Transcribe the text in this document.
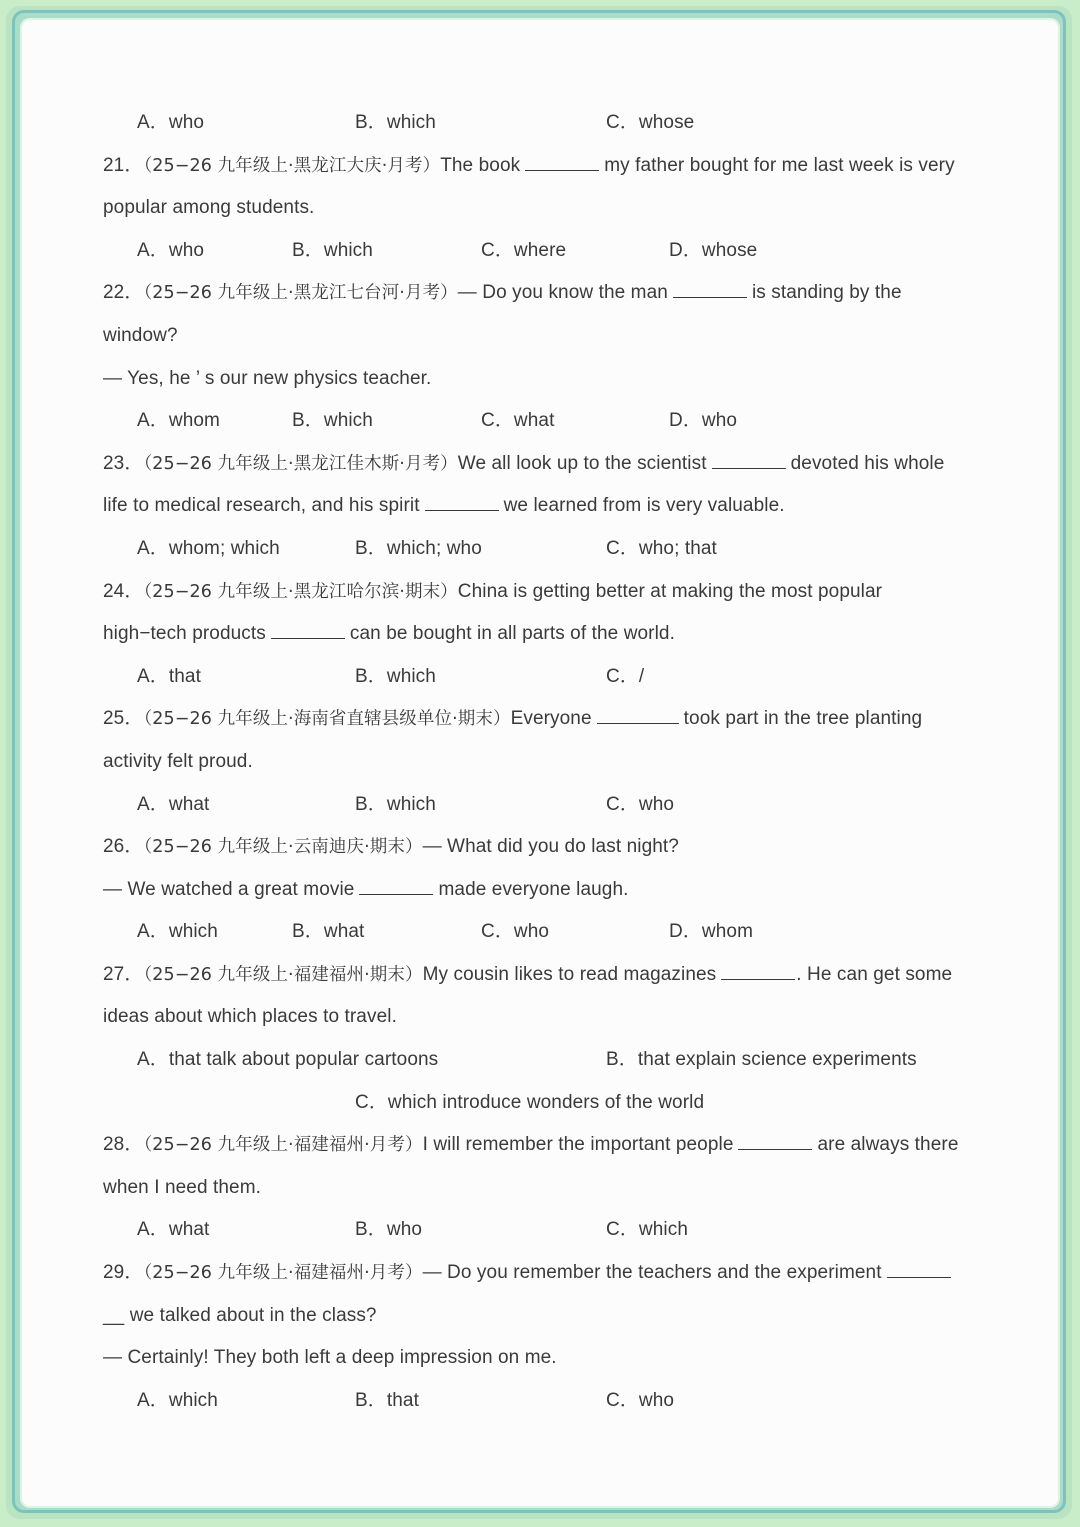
A．who	B．which	C．whose
21．（25−26 九年级上·黑龙江大庆·月考）The book	my father bought for me last week is very
popular among students.
A．who	B．which	C．where	D．whose
22．（25−26 九年级上·黑龙江七台河·月考）— Do you know the man	is standing by the
window?
— Yes, he ’ s our new physics teacher.
A．whom	B．which	C．what	D．who
23．（25−26 九年级上·黑龙江佳木斯·月考）We all look up to the scientist	devoted his whole
life to medical research, and his spirit	we learned from is very valuable.
A．whom; which	B．which; who	C．who; that
24．（25−26 九年级上·黑龙江哈尔滨·期末）China is getting better at making the most popular
high−tech products	can be bought in all parts of the world.
A．that	B．which	C．/
25．（25−26 九年级上·海南省直辖县级单位·期末）Everyone	took part in the tree planting
activity felt proud.
A．what	B．which	C．who
26．（25−26 九年级上·云南迪庆·期末）— What did you do last night?
— We watched a great movie	made everyone laugh.
A．which	B．what	C．who	D．whom
27．（25−26 九年级上·福建福州·期末）My cousin likes to read magazines	. He can get some
ideas about which places to travel.
A．that talk about popular cartoons	B．that explain science experiments
C．which introduce wonders of the world
28．（25−26 九年级上·福建福州·月考）I will remember the important people	are always there
when I need them.
A．what	B．who	C．which
29．（25−26 九年级上·福建福州·月考）— Do you remember the teachers and the experiment
__ we talked about in the class?
— Certainly! They both left a deep impression on me.
A．which	B．that	C．who
